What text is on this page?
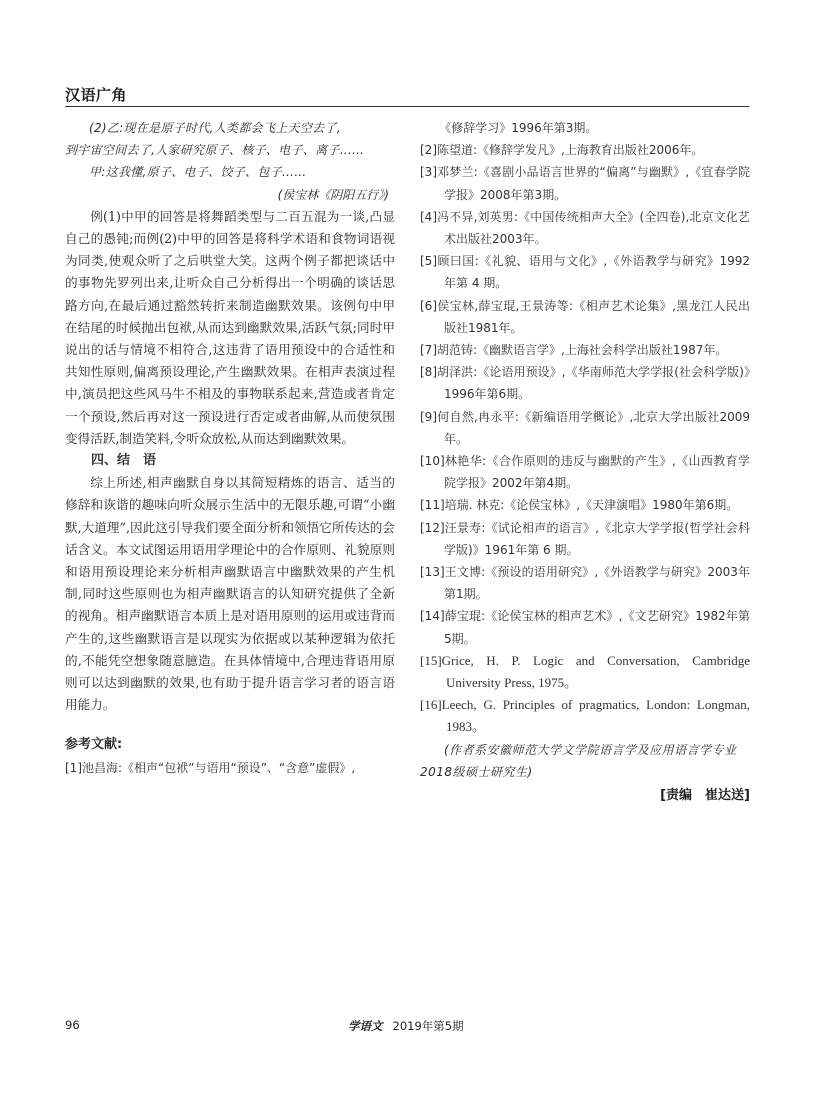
汉语广角

(2)乙:现在是原子时代,人类都会飞上天空去了,

到宇宙空间去了,人家研究原子、核子、电子、离子……

甲:这我懂,原子、电子、饺子、包子……

(侯宝林《阴阳五行》)

例(1)中甲的回答是将舞蹈类型与二百五混为一谈,凸显自己的愚钝;而例(2)中甲的回答是将科学术语和食物词语视为同类,使观众听了之后哄堂大笑。这两个例子都把谈话中的事物先罗列出来,让听众自己分析得出一个明确的谈话思路方向,在最后通过豁然转折来制造幽默效果。该例句中甲在结尾的时候抛出包袱,从而达到幽默效果,活跃气氛;同时甲说出的话与情境不相符合,这违背了语用预设中的合适性和共知性原则,偏离预设理论,产生幽默效果。在相声表演过程中,演员把这些风马牛不相及的事物联系起来,营造或者肯定一个预设,然后再对这一预设进行否定或者曲解,从而使氛围变得活跃,制造笑料,令听众放松,从而达到幽默效果。

四、结　语

综上所述,相声幽默自身以其简短精炼的语言、适当的修辞和诙谐的趣味向听众展示生活中的无限乐趣,可谓“小幽默,大道理”,因此这引导我们要全面分析和领悟它所传达的会话含义。本文试图运用语用学理论中的合作原则、礼貌原则和语用预设理论来分析相声幽默语言中幽默效果的产生机制,同时这些原则也为相声幽默语言的认知研究提供了全新的视角。相声幽默语言本质上是对语用原则的运用或违背而产生的,这些幽默语言是以现实为依据或以某种逻辑为依托的,不能凭空想象随意臆造。在具体情境中,合理违背语用原则可以达到幽默的效果,也有助于提升语言学习者的语言语用能力。

参考文献:

[1]池昌海:《相声“包袱”与语用“预设”、“含意”虚假》,

《修辞学习》1996年第3期。

[2]陈望道:《修辞学发凡》,上海教育出版社2006年。

[3]邓梦兰:《喜剧小品语言世界的“偏离”与幽默》,《宜春学院学报》2008年第3期。

[4]冯不异,刘英男:《中国传统相声大全》(全四卷),北京文化艺术出版社2003年。

[5]顾曰国:《礼貌、语用与文化》,《外语教学与研究》1992年第 4 期。

[6]侯宝林,薛宝琨,王景涛等:《相声艺术论集》,黑龙江人民出版社1981年。

[7]胡范铸:《幽默语言学》,上海社会科学出版社1987年。

[8]胡泽洪:《论语用预设》,《华南师范大学学报(社会科学版)》1996年第6期。

[9]何自然,冉永平:《新编语用学概论》,北京大学出版社2009年。

[10]林艳华:《合作原则的违反与幽默的产生》,《山西教育学院学报》2002年第4期。

[11]培瑞. 林克:《论侯宝林》,《天津演唱》1980年第6期。

[12]汪景寿:《试论相声的语言》,《北京大学学报(哲学社会科学版)》1961年第 6 期。

[13]王文博:《预设的语用研究》,《外语教学与研究》2003年第1期。

[14]薛宝琨:《论侯宝林的相声艺术》,《文艺研究》1982年第5期。

[15]Grice, H. P. Logic and Conversation, Cambridge University Press, 1975。

[16]Leech, G. Principles of pragmatics, London: Longman, 1983。

(作者系安徽师范大学文学院语言学及应用语言学专业2018级硕士研究生)

[责编　崔达送]

96	学语文 2019年第5期
